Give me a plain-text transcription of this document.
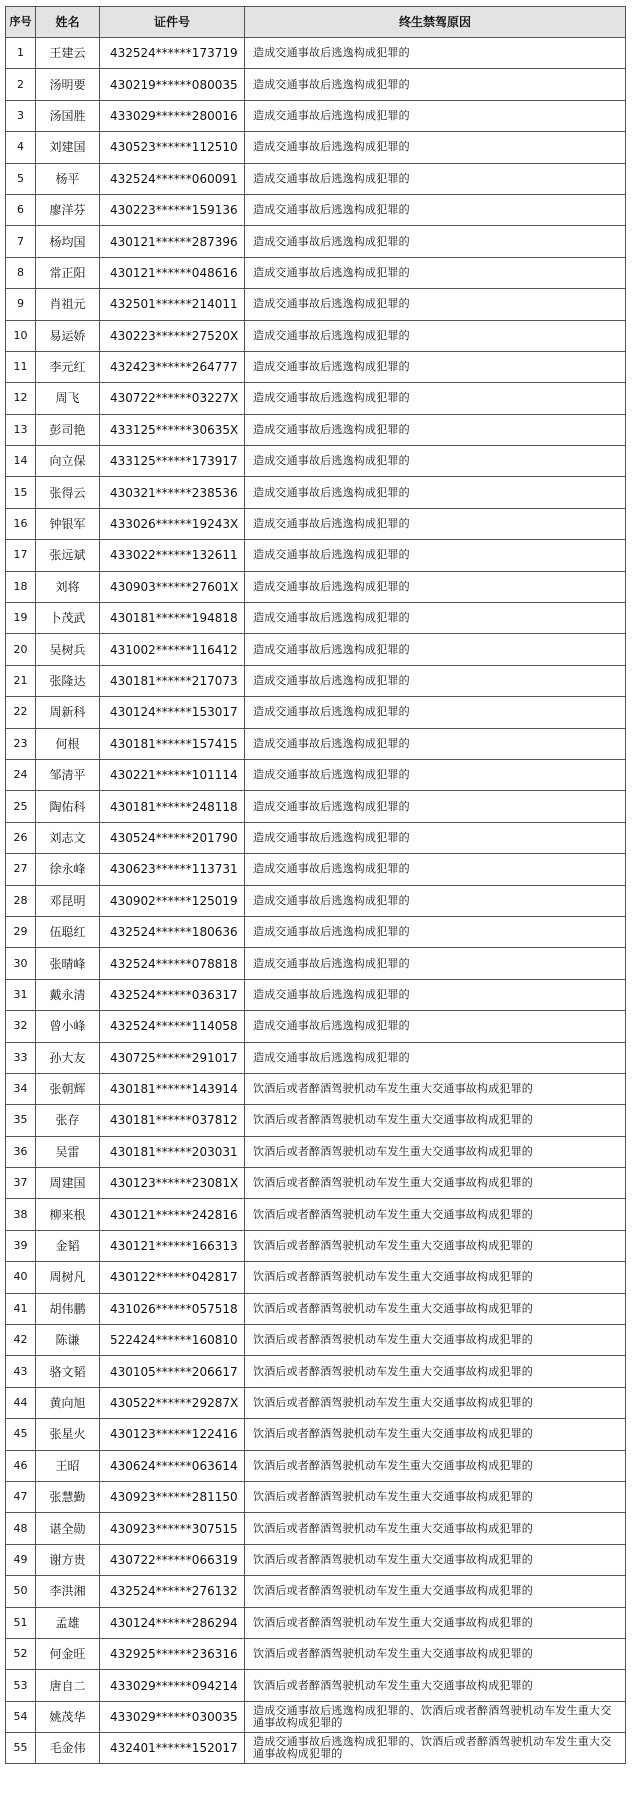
序号	姓名	证件号	终生禁驾原因
1	王建云	432524******173719	造成交通事故后逃逸构成犯罪的
2	汤明要	430219******080035	造成交通事故后逃逸构成犯罪的
3	汤国胜	433029******280016	造成交通事故后逃逸构成犯罪的
4	刘建国	430523******112510	造成交通事故后逃逸构成犯罪的
5	杨平	432524******060091	造成交通事故后逃逸构成犯罪的
6	廖洋芬	430223******159136	造成交通事故后逃逸构成犯罪的
7	杨均国	430121******287396	造成交通事故后逃逸构成犯罪的
8	常正阳	430121******048616	造成交通事故后逃逸构成犯罪的
9	肖祖元	432501******214011	造成交通事故后逃逸构成犯罪的
10	易运娇	430223******27520X	造成交通事故后逃逸构成犯罪的
11	李元红	432423******264777	造成交通事故后逃逸构成犯罪的
12	周飞	430722******03227X	造成交通事故后逃逸构成犯罪的
13	彭司艳	433125******30635X	造成交通事故后逃逸构成犯罪的
14	向立保	433125******173917	造成交通事故后逃逸构成犯罪的
15	张得云	430321******238536	造成交通事故后逃逸构成犯罪的
16	钟银军	433026******19243X	造成交通事故后逃逸构成犯罪的
17	张远斌	433022******132611	造成交通事故后逃逸构成犯罪的
18	刘将	430903******27601X	造成交通事故后逃逸构成犯罪的
19	卜茂武	430181******194818	造成交通事故后逃逸构成犯罪的
20	吴树兵	431002******116412	造成交通事故后逃逸构成犯罪的
21	张隆达	430181******217073	造成交通事故后逃逸构成犯罪的
22	周新科	430124******153017	造成交通事故后逃逸构成犯罪的
23	何根	430181******157415	造成交通事故后逃逸构成犯罪的
24	邹清平	430221******101114	造成交通事故后逃逸构成犯罪的
25	陶佑科	430181******248118	造成交通事故后逃逸构成犯罪的
26	刘志文	430524******201790	造成交通事故后逃逸构成犯罪的
27	徐永峰	430623******113731	造成交通事故后逃逸构成犯罪的
28	邓昆明	430902******125019	造成交通事故后逃逸构成犯罪的
29	伍聪红	432524******180636	造成交通事故后逃逸构成犯罪的
30	张晴峰	432524******078818	造成交通事故后逃逸构成犯罪的
31	戴永清	432524******036317	造成交通事故后逃逸构成犯罪的
32	曾小峰	432524******114058	造成交通事故后逃逸构成犯罪的
33	孙大友	430725******291017	造成交通事故后逃逸构成犯罪的
34	张朝辉	430181******143914	饮酒后或者醉酒驾驶机动车发生重大交通事故构成犯罪的
35	张存	430181******037812	饮酒后或者醉酒驾驶机动车发生重大交通事故构成犯罪的
36	吴雷	430181******203031	饮酒后或者醉酒驾驶机动车发生重大交通事故构成犯罪的
37	周建国	430123******23081X	饮酒后或者醉酒驾驶机动车发生重大交通事故构成犯罪的
38	柳来根	430121******242816	饮酒后或者醉酒驾驶机动车发生重大交通事故构成犯罪的
39	金韬	430121******166313	饮酒后或者醉酒驾驶机动车发生重大交通事故构成犯罪的
40	周树凡	430122******042817	饮酒后或者醉酒驾驶机动车发生重大交通事故构成犯罪的
41	胡伟鹏	431026******057518	饮酒后或者醉酒驾驶机动车发生重大交通事故构成犯罪的
42	陈谦	522424******160810	饮酒后或者醉酒驾驶机动车发生重大交通事故构成犯罪的
43	骆文韬	430105******206617	饮酒后或者醉酒驾驶机动车发生重大交通事故构成犯罪的
44	黄向旭	430522******29287X	饮酒后或者醉酒驾驶机动车发生重大交通事故构成犯罪的
45	张星火	430123******122416	饮酒后或者醉酒驾驶机动车发生重大交通事故构成犯罪的
46	王昭	430624******063614	饮酒后或者醉酒驾驶机动车发生重大交通事故构成犯罪的
47	张慧勤	430923******281150	饮酒后或者醉酒驾驶机动车发生重大交通事故构成犯罪的
48	谌全勋	430923******307515	饮酒后或者醉酒驾驶机动车发生重大交通事故构成犯罪的
49	谢方贵	430722******066319	饮酒后或者醉酒驾驶机动车发生重大交通事故构成犯罪的
50	李洪湘	432524******276132	饮酒后或者醉酒驾驶机动车发生重大交通事故构成犯罪的
51	孟雄	430124******286294	饮酒后或者醉酒驾驶机动车发生重大交通事故构成犯罪的
52	何金旺	432925******236316	饮酒后或者醉酒驾驶机动车发生重大交通事故构成犯罪的
53	唐自二	433029******094214	饮酒后或者醉酒驾驶机动车发生重大交通事故构成犯罪的
54	姚茂华	433029******030035	造成交通事故后逃逸构成犯罪的、饮酒后或者醉酒驾驶机动车发生重大交通事故构成犯罪的
55	毛金伟	432401******152017	造成交通事故后逃逸构成犯罪的、饮酒后或者醉酒驾驶机动车发生重大交通事故构成犯罪的
